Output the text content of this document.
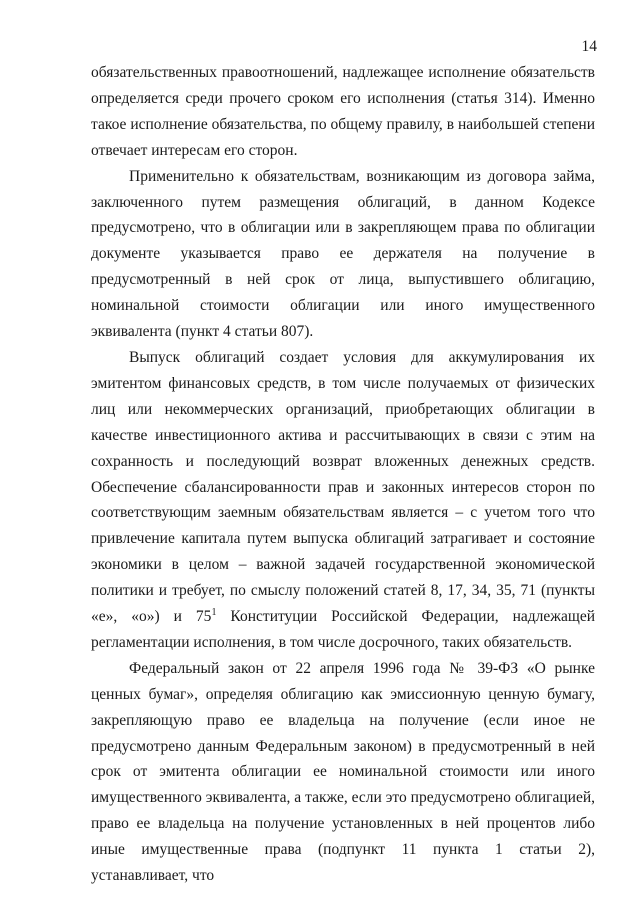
14

обязательственных правоотношений, надлежащее исполнение обязательств определяется среди прочего сроком его исполнения (статья 314). Именно такое исполнение обязательства, по общему правилу, в наибольшей степени отвечает интересам его сторон.

Применительно к обязательствам, возникающим из договора займа, заключенного путем размещения облигаций, в данном Кодексе предусмотрено, что в облигации или в закрепляющем права по облигации документе указывается право ее держателя на получение в предусмотренный в ней срок от лица, выпустившего облигацию, номинальной стоимости облигации или иного имущественного эквивалента (пункт 4 статьи 807).

Выпуск облигаций создает условия для аккумулирования их эмитентом финансовых средств, в том числе получаемых от физических лиц или некоммерческих организаций, приобретающих облигации в качестве инвестиционного актива и рассчитывающих в связи с этим на сохранность и последующий возврат вложенных денежных средств. Обеспечение сбалансированности прав и законных интересов сторон по соответствующим заемным обязательствам является – с учетом того что привлечение капитала путем выпуска облигаций затрагивает и состояние экономики в целом – важной задачей государственной экономической политики и требует, по смыслу положений статей 8, 17, 34, 35, 71 (пункты «е», «о») и $75^1$ Конституции Российской Федерации, надлежащей регламентации исполнения, в том числе досрочного, таких обязательств.

Федеральный закон от 22 апреля 1996 года № 39-ФЗ «О рынке ценных бумаг», определяя облигацию как эмиссионную ценную бумагу, закрепляющую право ее владельца на получение (если иное не предусмотрено данным Федеральным законом) в предусмотренный в ней срок от эмитента облигации ее номинальной стоимости или иного имущественного эквивалента, а также, если это предусмотрено облигацией, право ее владельца на получение установленных в ней процентов либо иные имущественные права (подпункт 11 пункта 1 статьи 2), устанавливает, что
